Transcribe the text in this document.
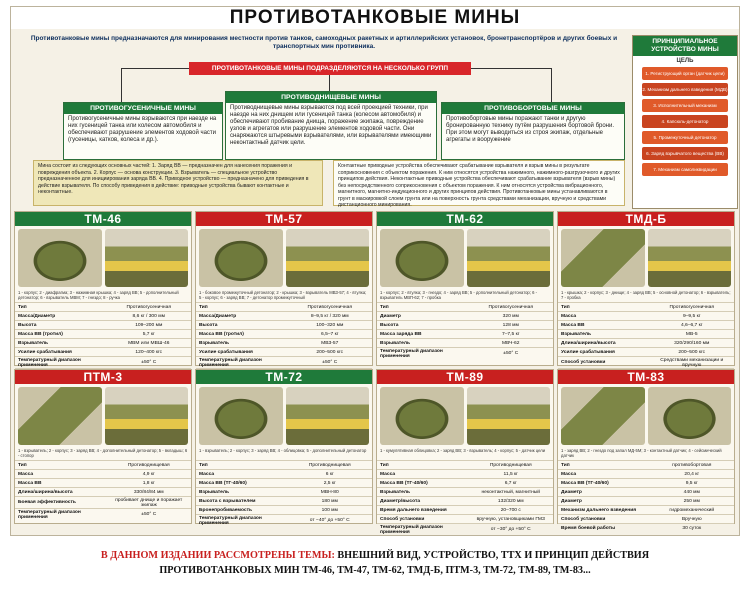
ПРОТИВОТАНКОВЫЕ МИНЫ
Противотанковые мины предназначаются для минирования местности против танков, самоходных ракетных и артиллерийских установок, бронетранспортёров и других боевых и транспортных мин противника.
ПРОТИВОТАНКОВЫЕ МИНЫ ПОДРАЗДЕЛЯЮТСЯ НА НЕСКОЛЬКО ГРУПП
ПРОТИВОГУСЕНИЧНЫЕ МИНЫ
Противогусеничные мины взрываются при наезде на них гусеницей танка или колесом автомобиля и обеспечивают разрушение элементов ходовой части (гусеницы, катков, колеса и др.).
ПРОТИВОДНИЩЕВЫЕ МИНЫ
Противоднищевые мины взрываются под всей проекцией техники, при наезде на них днищем или гусеницей танка (колесом автомобиля) и обеспечивают пробивание днища, поражение экипажа, повреждение узлов и агрегатов или разрушение элементов ходовой части. Они снаряжаются штыревыми взрывателями, или взрывателями имеющими неконтактный датчик цели.
ПРОТИВОБОРТОВЫЕ МИНЫ
Противобортовые мины поражают танки и другую бронированную технику путём разрушения бортовой брони. При этом могут выводиться из строя экипаж, отдельные агрегаты и вооружение
Мина состоит из следующих основных частей: 1. Заряд ВВ — предназначен для нанесения поражения и повреждения объекта. 2. Корпус — основа конструкции. 3. Взрыватель — специальное устройство предназначенное для инициирования заряда ВВ. 4. Приводное устройство — предназначено для приведения в действие взрывателя. По способу приведения в действие: приводные устройства бывают контактные и неконтактные.
Контактные приводные устройства обеспечивают срабатывание взрывателя и взрыв мины в результате соприкосновения с объектом поражения. К ним относятся устройства нажимного, нажимного-разгрузочного и других принципов действия. Неконтактные приводные устройства обеспечивают срабатывание взрывателя (взрыв мины) без непосредственного соприкосновения с объектом поражения. К ним относятся устройства вибрационного, магнитного, магнитно-индукционного и других принципов действия. Противотанковые мины устанавливаются в грунт в маскировкой слоем грунта или на поверхность грунта средствами механизации, вручную и средствами дистанционного минирования.
ПРИНЦИПИАЛЬНОЕ УСТРОЙСТВО МИНЫ
ЦЕЛЬ
1. Региструющий орган (датчик цели)
2. Механизм дальнего взведения (МДВ)
3. Исполнительный механизм
4. Капсюль-детонатор
5. Промежуточный детонатор
6. Заряд взрывчатого вещества (ВВ)
7. Механизм самоликвидации
ТМ-46
1 - корпус; 2 - диафрагма; 3 - нажимная крышка; 4 - заряд ВВ; 5 - дополнительный детонатор; 6 - взрыватель МВМ; 7 - гнездо; 8 - ручка
Тип	Противогусеничная
Масса/Диаметр	8,6 кг / 300 мм
Высота	109–200 мм
Масса ВВ (тротил)	5,7 кг
Взрыватель	МВМ или МВШ-46
Усилие срабатывания	120–400 кгс
Температурный диапазон применения	±50° С

ТМ-57
1 - боковое промежуточный детонатор; 2 - крышка; 3 - взрыватель МВЗ-57; 4 - втулка; 5 - корпус; 6 - заряд ВВ; 7 - детонатор промежуточный
Тип	Противогусеничная
Масса/Диаметр	8–9,5 кг / 320 мм
Высота	100–320 мм
Масса ВВ (тротил)	6,5–7 кг
Взрыватель	МВЗ-57
Усилие срабатывания	200–500 кгс
Температурный диапазон применения	±50° С

ТМ-62
1 - корпус; 2 - втулка; 3 - гнездо; 4 - заряд ВВ; 5 - дополнительный детонатор; 6 - взрыватель МВП-62; 7 - пробка
Тип	Противогусеничная
Диаметр	320 мм
Высота	128 мм
Масса заряда ВВ	7–7,5 кг
Взрыватель	МВЧ-62
Температурный диапазон применения	±50° С
ТМД-Б
1 - крышка; 2 - корпус; 3 - днище; 4 - заряд ВВ; 5 - основной детонатор; 6 - взрыватель; 7 - пробка
Тип	Противогусеничная
Масса	9–9,5 кг
Масса ВВ	4,6–6,7 кг
Взрыватель	МВ-5
Длина/ширина/высота	320/290/160 мм
Усилие срабатывания	200–500 кгс
Способ установки	Средствами механизации и вручную

ПТМ-3
1 - взрыватель; 2 - корпус; 3 - заряд ВВ; 4 - дополнительный детонатор; 5 - вкладыш; 6 - стопор
Тип	Противоднищевая
Масса	4,9 кг
Масса ВВ	1,8 кг
Длина/ширина/высота	330/84/84 мм
Боевая эффективность	пробивает днище и поражает экипаж
Температурный диапазон применения	±50° С
ТМ-72
1 - взрыватель; 2 - корпус; 3 - заряд ВВ; 4 - облицовка; 5 - дополнительный детонатор
Тип	Противоднищевая
Масса	6 кг
Масса ВВ (ТГ-40/60)	2,5 кг
Взрыватель	МВН-80
Высота с взрывателем	180 мм
Бронепробиваемость	100 мм
Температурный диапазон применения	от −40° до +50° С
ТМ-89
1 - кумулятивная облицовка; 2 - заряд ВВ; 3 - взрыватель; 4 - корпус; 5 - датчик цели
Тип	Противоднищевая
Масса	11,5 кг
Масса ВВ (ТГ-40/60)	6,7 кг
Взрыватель	неконтактный, магнитный
Диаметр/высота	132/320 мм
Время дальнего взведения	20–700 с
Способ установки	вручную, установщиками ГМЗ
Температурный диапазон применения	от −30° до +50° С
ТМ-83
1 - заряд ВВ; 2 - гнездо под запал МД-5М; 3 - контактный датчик; 4 - сейсмический датчик
Тип	противобортовая
Масса	20,4 кг
Масса ВВ (ТГ-40/60)	9,5 кг
Диаметр	440 мм
Диаметр	250 мм
Механизм дальнего взведения	гидромеханический
Способ установки	Вручную
Время боевой работы	30 суток
В ДАННОМ ИЗДАНИИ РАССМОТРЕНЫ ТЕМЫ: ВНЕШНИЙ ВИД, УСТРОЙСТВО, ТТХ И ПРИНЦИП ДЕЙСТВИЯ
ПРОТИВОТАНКОВЫХ МИН ТМ-46, ТМ-47, ТМ-62, ТМД-Б, ПТМ-3, ТМ-72, ТМ-89, ТМ-83...
